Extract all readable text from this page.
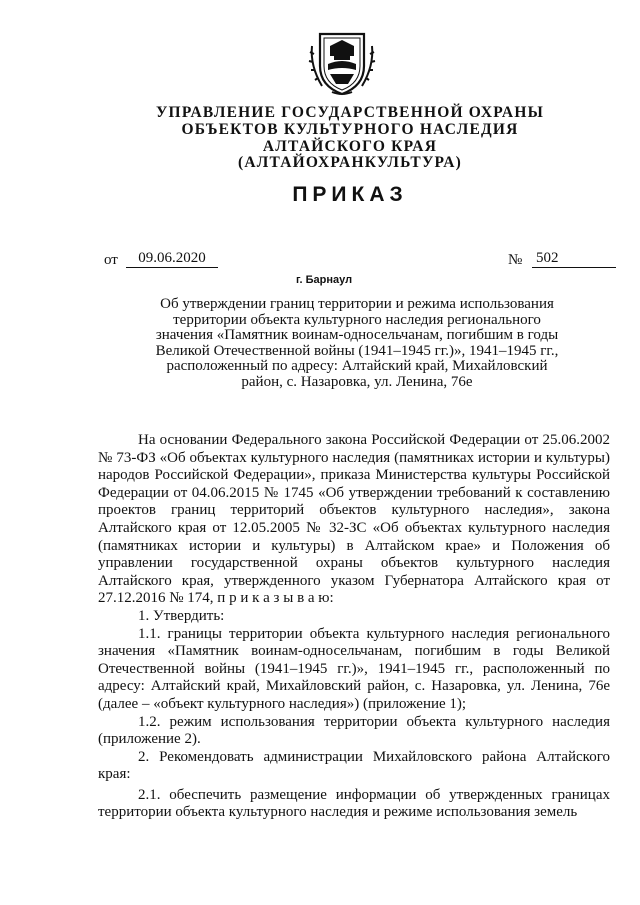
УПРАВЛЕНИЕ ГОСУДАРСТВЕННОЙ ОХРАНЫ
ОБЪЕКТОВ КУЛЬТУРНОГО НАСЛЕДИЯ
АЛТАЙСКОГО КРАЯ
(АЛТАЙОХРАНКУЛЬТУРА)
ПРИКАЗ
от	09.06.2020	№ 502
г. Барнаул
Об утверждении границ территории и режима использования территории объекта культурного наследия регионального значения «Памятник воинам-односельчанам, погибшим в годы Великой Отечественной войны (1941–1945 гг.)», 1941–1945 гг., расположенный по адресу: Алтайский край, Михайловский район, с. Назаровка, ул. Ленина, 76е

На основании Федерального закона Российской Федерации от 25.06.2002 № 73-ФЗ «Об объектах культурного наследия (памятниках истории и культуры) народов Российской Федерации», приказа Министерства культуры Российской Федерации от 04.06.2015 № 1745 «Об утверждении требований к составлению проектов границ территорий объектов культурного наследия», закона Алтайского края от 12.05.2005 № 32-ЗС «Об объектах культурного наследия (памятниках истории и культуры) в Алтайском крае» и Положения об управлении государственной охраны объектов культурного наследия Алтайского края, утвержденного указом Губернатора Алтайского края от 27.12.2016 № 174, п р и к а з ы в а ю:

1. Утвердить:

1.1. границы территории объекта культурного наследия регионального значения «Памятник воинам-односельчанам, погибшим в годы Великой Отечественной войны (1941–1945 гг.)», 1941–1945 гг., расположенный по адресу: Алтайский край, Михайловский район, с. Назаровка, ул. Ленина, 76е (далее – «объект культурного наследия») (приложение 1);

1.2. режим использования территории объекта культурного наследия (приложение 2).

2. Рекомендовать администрации Михайловского района Алтайского края:

2.1. обеспечить размещение информации об утвержденных границах территории объекта культурного наследия и режиме использования земель
